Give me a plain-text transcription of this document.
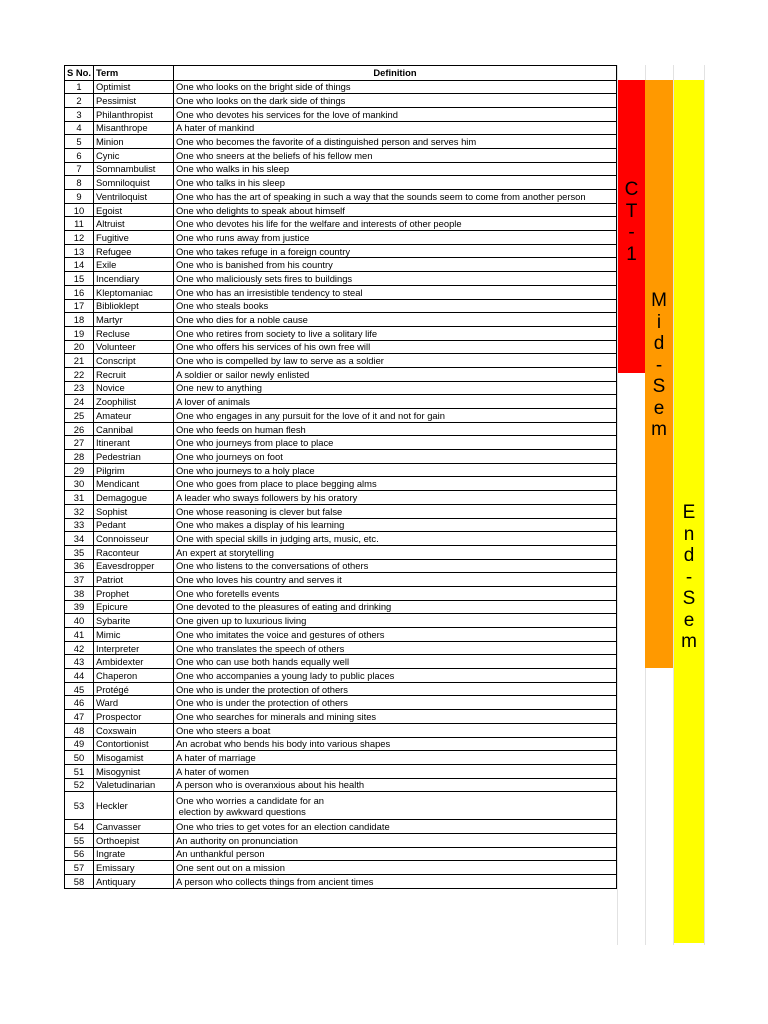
S No.	Term	Definition
1	Optimist	One who looks on the bright side of things
2	Pessimist	One who looks on the dark side of things
3	Philanthropist	One who devotes his services for the love of mankind
4	Misanthrope	A hater of mankind
5	Minion	One who becomes the favorite of a distinguished person and serves him
6	Cynic	One who sneers at the beliefs of his fellow men
7	Somnambulist	One who walks in his sleep
8	Somniloquist	One who talks in his sleep
9	Ventriloquist	One who has the art of speaking in such a way that the sounds seem to come from another person
10	Egoist	One who delights to speak about himself
11	Altruist	One who devotes his life for the welfare and interests of other people
12	Fugitive	One who runs away from justice
13	Refugee	One who takes refuge in a foreign country
14	Exile	One who is banished from his country
15	Incendiary	One who maliciously sets fires to buildings
16	Kleptomaniac	One who has an irresistible tendency to steal
17	Biblioklept	One who steals books
18	Martyr	One who dies for a noble cause
19	Recluse	One who retires from society to live a solitary life
20	Volunteer	One who offers his services of his own free will
21	Conscript	One who is compelled by law to serve as a soldier
22	Recruit	A soldier or sailor newly enlisted
23	Novice	One new to anything
24	Zoophilist	A lover of animals
25	Amateur	One who engages in any pursuit for the love of it and not for gain
26	Cannibal	One who feeds on human flesh
27	Itinerant	One who journeys from place to place
28	Pedestrian	One who journeys on foot
29	Pilgrim	One who journeys to a holy place
30	Mendicant	One who goes from place to place begging alms
31	Demagogue	A leader who sways followers by his oratory
32	Sophist	One whose reasoning is clever but false
33	Pedant	One who makes a display of his learning
34	Connoisseur	One with special skills in judging arts, music, etc.
35	Raconteur	An expert at storytelling
36	Eavesdropper	One who listens to the conversations of others
37	Patriot	One who loves his country and serves it
38	Prophet	One who foretells events
39	Epicure	One devoted to the pleasures of eating and drinking
40	Sybarite	One given up to luxurious living
41	Mimic	One who imitates the voice and gestures of others
42	Interpreter	One who translates the speech of others
43	Ambidexter	One who can use both hands equally well
44	Chaperon	One who accompanies a young lady to public places
45	Protégé	One who is under the protection of others
46	Ward	One who is under the protection of others
47	Prospector	One who searches for minerals and mining sites
48	Coxswain	One who steers a boat
49	Contortionist	An acrobat who bends his body into various shapes
50	Misogamist	A hater of marriage
51	Misogynist	A hater of women
52	Valetudinarian	A person who is overanxious about his health
53	Heckler	One who worries a candidate for an
election by awkward questions

54	Canvasser	One who tries to get votes for an election candidate
55	Orthoepist	An authority on pronunciation
56	Ingrate	An unthankful person
57	Emissary	One sent out on a mission
58	Antiquary	A person who collects things from ancient times
C
T
-
1
M
i
d
-
S
e
m
E
n
d
-
S
e
m
